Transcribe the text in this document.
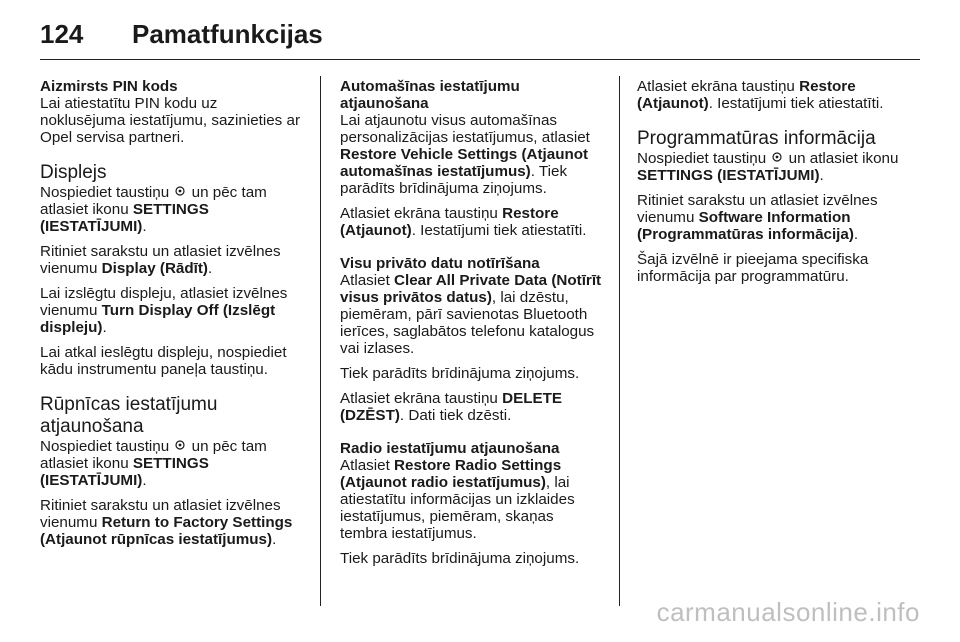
124	Pamatfunkcijas

Aizmirsts PIN kods

Lai atiestatītu PIN kodu uz noklusējuma iestatījumu, sazinieties ar Opel servisa partneri.

Displejs

Nospiediet taustiņu un pēc tam atlasiet ikonu SETTINGS (IESTATĪJUMI).

Ritiniet sarakstu un atlasiet izvēlnes vienumu Display (Rādīt).

Lai izslēgtu displeju, atlasiet izvēlnes vienumu Turn Display Off (Izslēgt displeju).

Lai atkal ieslēgtu displeju, nospiediet kādu instrumentu paneļa taustiņu.

Rūpnīcas iestatījumu atjaunošana

Nospiediet taustiņu un pēc tam atlasiet ikonu SETTINGS (IESTATĪJUMI).

Ritiniet sarakstu un atlasiet izvēlnes vienumu Return to Factory Settings (Atjaunot rūpnīcas iestatījumus).

Automašīnas iestatījumu atjaunošana

Lai atjaunotu visus automašīnas personalizācijas iestatījumus, atlasiet Restore Vehicle Settings (Atjaunot automašīnas iestatījumus). Tiek parādīts brīdinājuma ziņojums.

Atlasiet ekrāna taustiņu Restore (Atjaunot). Iestatījumi tiek atiestatīti.

Visu privāto datu notīrīšana

Atlasiet Clear All Private Data (Notīrīt visus privātos datus), lai dzēstu, piemēram, pārī savienotas Bluetooth ierīces, saglabātos telefonu katalogus vai izlases.

Tiek parādīts brīdinājuma ziņojums.

Atlasiet ekrāna taustiņu DELETE (DZĒST). Dati tiek dzēsti.

Radio iestatījumu atjaunošana

Atlasiet Restore Radio Settings (Atjaunot radio iestatījumus), lai atiestatītu informācijas un izklaides iestatījumus, piemēram, skaņas tembra iestatījumus.

Tiek parādīts brīdinājuma ziņojums.

Atlasiet ekrāna taustiņu Restore (Atjaunot). Iestatījumi tiek atiestatīti.

Programmatūras informācija

Nospiediet taustiņu un atlasiet ikonu SETTINGS (IESTATĪJUMI).

Ritiniet sarakstu un atlasiet izvēlnes vienumu Software Information (Programmatūras informācija).

Šajā izvēlnē ir pieejama specifiska informācija par programmatūru.

carmanualsonline.info
